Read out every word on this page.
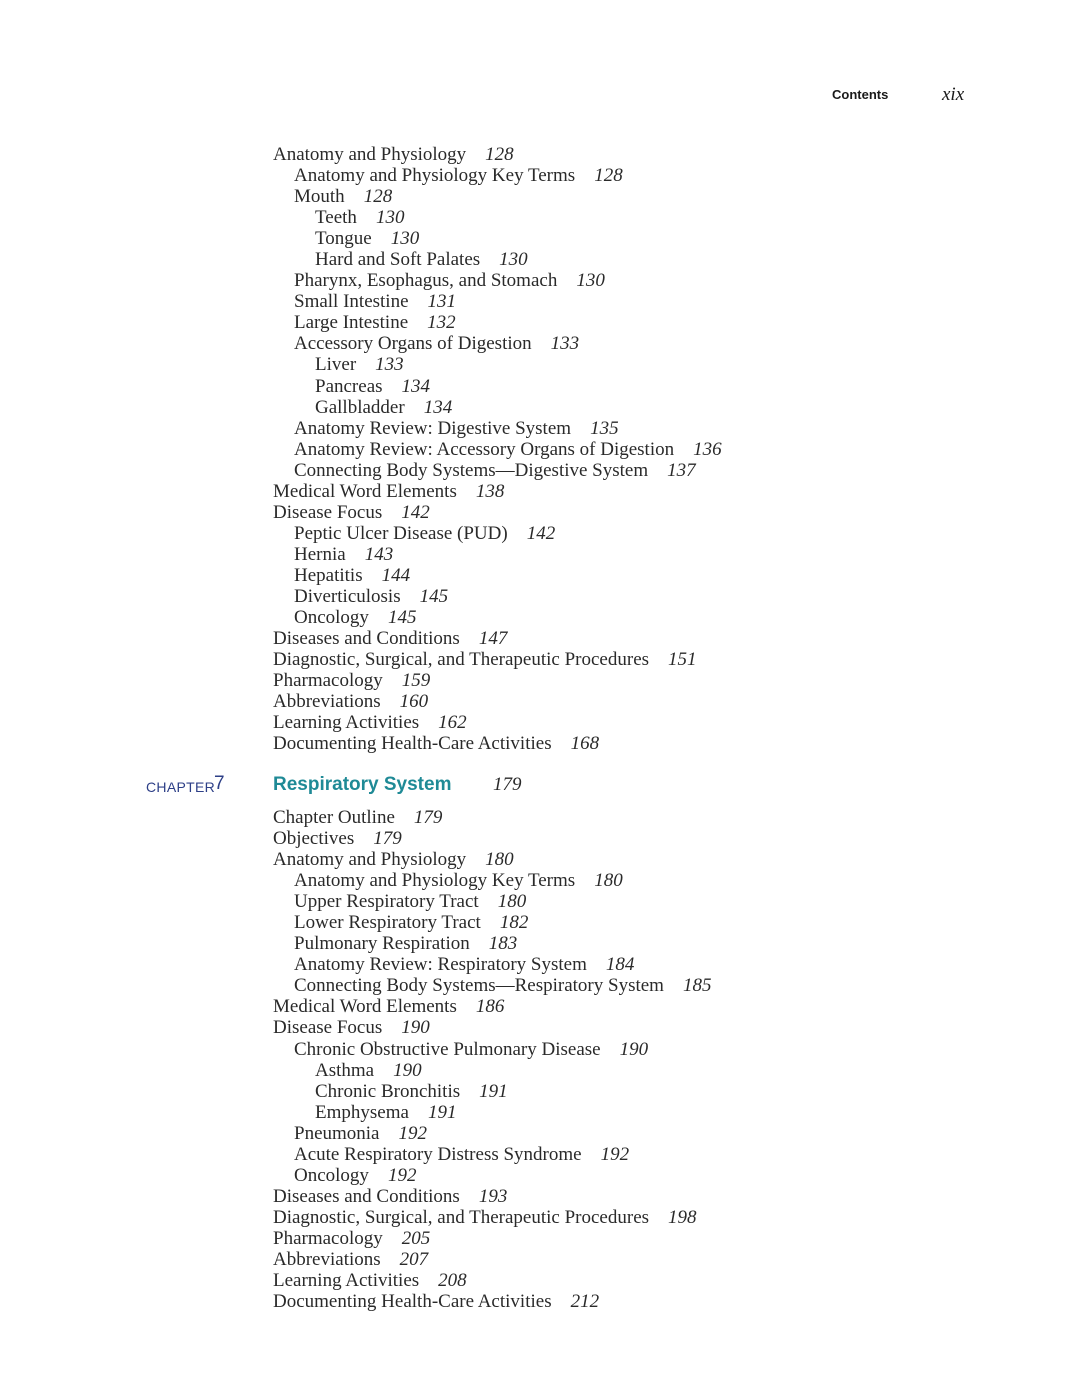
Contents	xix
Anatomy and Physiology 128
Anatomy and Physiology Key Terms 128
Mouth 128
Teeth 130
Tongue 130
Hard and Soft Palates 130
Pharynx, Esophagus, and Stomach 130
Small Intestine 131
Large Intestine 132
Accessory Organs of Digestion 133
Liver 133
Pancreas 134
Gallbladder 134
Anatomy Review: Digestive System 135
Anatomy Review: Accessory Organs of Digestion 136
Connecting Body Systems—Digestive System 137
Medical Word Elements 138
Disease Focus 142
Peptic Ulcer Disease (PUD) 142
Hernia 143
Hepatitis 144
Diverticulosis 145
Oncology 145
Diseases and Conditions 147
Diagnostic, Surgical, and Therapeutic Procedures 151
Pharmacology 159
Abbreviations 160
Learning Activities 162
Documenting Health-Care Activities 168
CHAPTER 7	Respiratory System 179
Chapter Outline 179
Objectives 179
Anatomy and Physiology 180
Anatomy and Physiology Key Terms 180
Upper Respiratory Tract 180
Lower Respiratory Tract 182
Pulmonary Respiration 183
Anatomy Review: Respiratory System 184
Connecting Body Systems—Respiratory System 185
Medical Word Elements 186
Disease Focus 190
Chronic Obstructive Pulmonary Disease 190
Asthma 190
Chronic Bronchitis 191
Emphysema 191
Pneumonia 192
Acute Respiratory Distress Syndrome 192
Oncology 192
Diseases and Conditions 193
Diagnostic, Surgical, and Therapeutic Procedures 198
Pharmacology 205
Abbreviations 207
Learning Activities 208
Documenting Health-Care Activities 212
